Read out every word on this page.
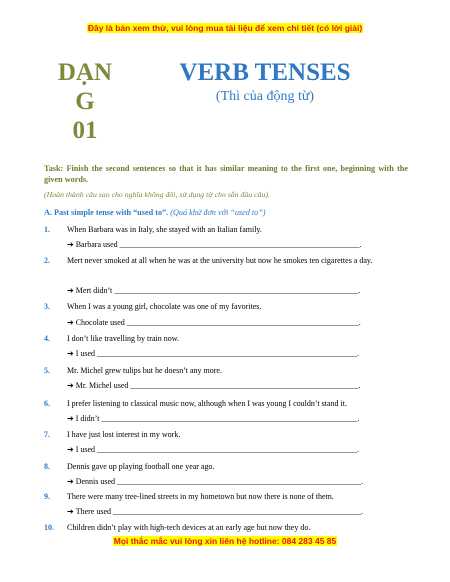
Đây là bản xem thử, vui lòng mua tài liệu để xem chi tiết (có lời giải)
DẠN
G
01
VERB TENSES
(Thì của động từ)
Task: Finish the second sentences so that it has similar meaning to the first one, beginning with the given words.
(Hoàn thành câu sao cho nghĩa không đổi, sử dụng từ cho sẵn đầu câu).
A. Past simple tense with “used to”. (Quá khứ đơn với “used to”)
1.	When Barbara was in Italy, she stayed with an Italian family.
➔ Barbara used ____________________________________________________________.
2.	Mert never smoked at all when he was at the university but now he smokes ten cigarettes a day.
➔ Mert didn’t _____________________________________________________________.
3.	When I was a young girl, chocolate was one of my favorites.
➔ Chocolate used __________________________________________________________.
4.	I don’t like travelling by train now.
➔ I used _________________________________________________________________.
5.	Mr. Michel grew tulips but he doesn’t any more.
➔ Mr. Michel used _________________________________________________________.
6.	I prefer listening to classical music now, although when I was young I couldn’t stand it.
➔ I didn’t ________________________________________________________________.
7.	I have just lost interest in my work.
➔ I used _________________________________________________________________.
8.	Dennis gave up playing football one year ago.
➔ Dennis used _____________________________________________________________.
9.	There were many tree-lined streets in my hometown but now there is none of them.
➔ There used ______________________________________________________________.
10.	Children didn’t play with high-tech devices at an early age but now they do.
Mọi thắc mắc vui lòng xin liên hệ hotline: 084 283 45 85
